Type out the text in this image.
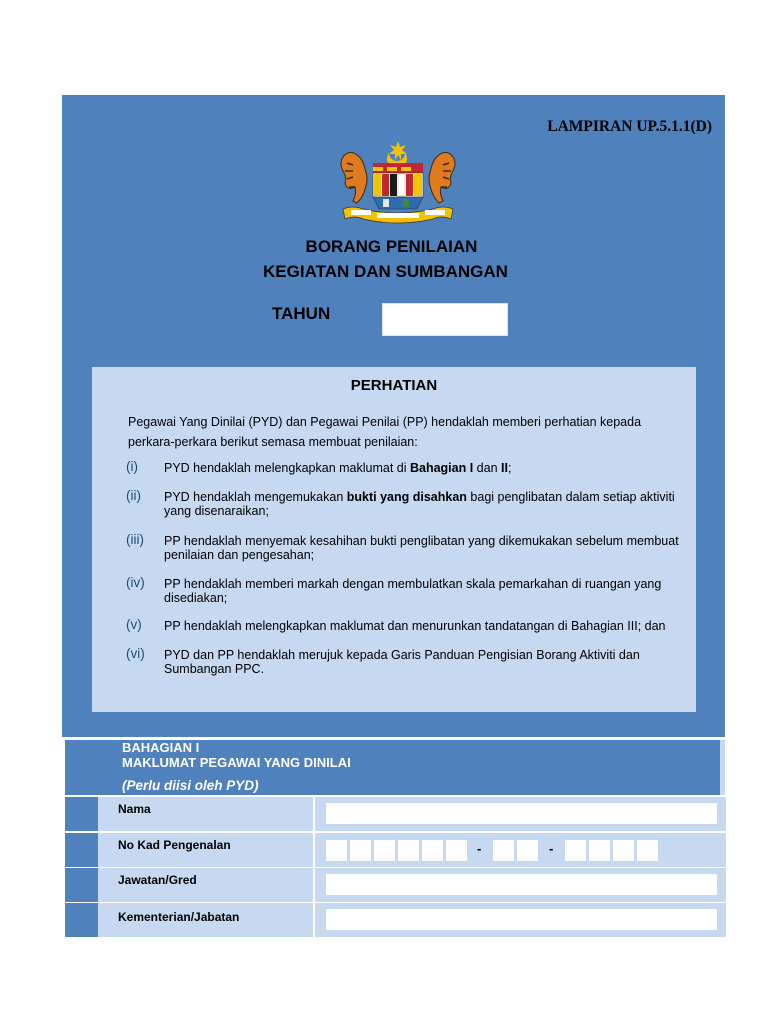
LAMPIRAN UP.5.1.1(D)
BORANG PENILAIAN
KEGIATAN DAN SUMBANGAN
TAHUN
PERHATIAN
Pegawai Yang Dinilai (PYD) dan Pegawai Penilai (PP) hendaklah memberi perhatian kepada perkara-perkara berikut semasa membuat penilaian:
(i) PYD hendaklah melengkapkan maklumat di Bahagian I dan II;
(ii) PYD hendaklah mengemukakan bukti yang disahkan bagi penglibatan dalam setiap aktiviti yang disenaraikan;
(iii) PP hendaklah menyemak kesahihan bukti penglibatan yang dikemukakan sebelum membuat penilaian dan pengesahan;
(iv) PP hendaklah memberi markah dengan membulatkan skala pemarkahan di ruangan yang disediakan;
(v) PP hendaklah melengkapkan maklumat dan menurunkan tandatangan di Bahagian III; dan
(vi) PYD dan PP hendaklah merujuk kepada Garis Panduan Pengisian Borang Aktiviti dan Sumbangan PPC.
BAHAGIAN I
MAKLUMAT PEGAWAI YANG DINILAI
(Perlu diisi oleh PYD)
Nama
No Kad Pengenalan	-	-
Jawatan/Gred
Kementerian/Jabatan
